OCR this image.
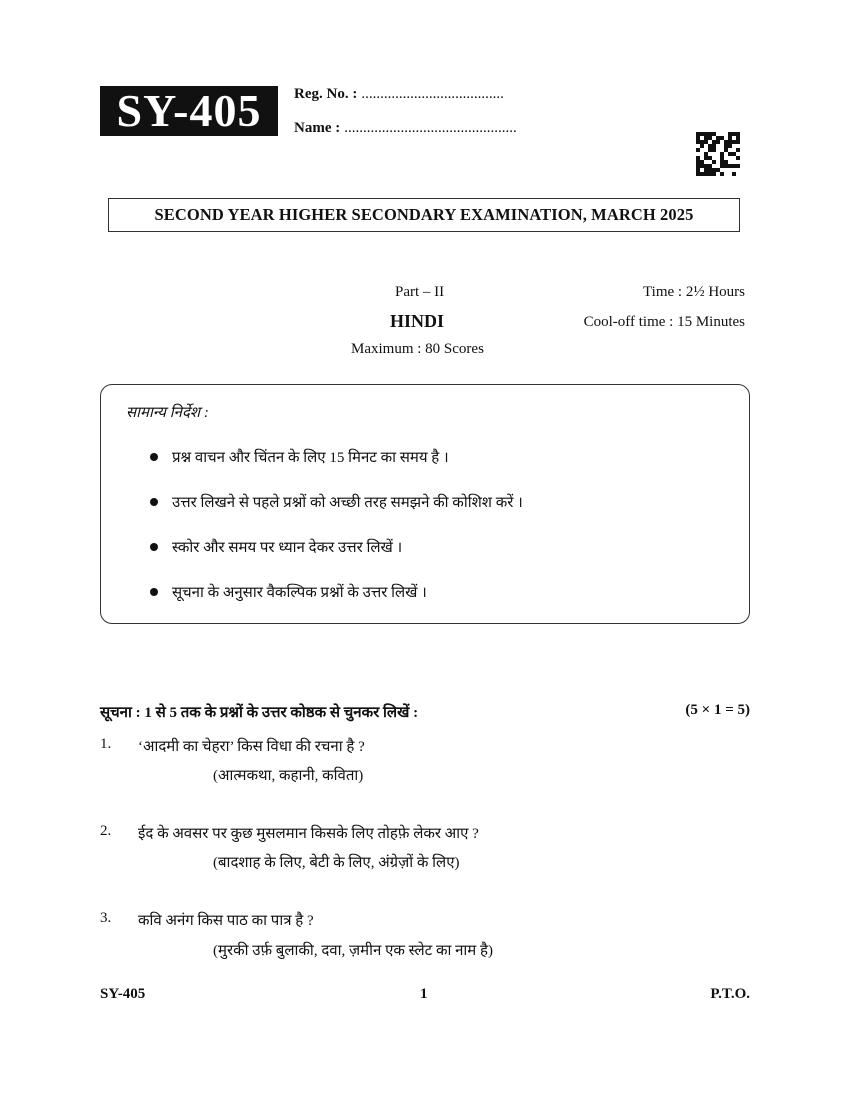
SY-405	Reg. No. : ......................................
Name : ..............................................
SECOND YEAR HIGHER SECONDARY EXAMINATION, MARCH 2025
Part – II
HINDI
Maximum : 80 Scores
Time : 2½ Hours
Cool-off time : 15 Minutes
सामान्य निर्देश :
प्रश्न वाचन और चिंतन के लिए 15 मिनट का समय है ।
उत्तर लिखने से पहले प्रश्नों को अच्छी तरह समझने की कोशिश करें ।
स्कोर और समय पर ध्यान देकर उत्तर लिखें ।
सूचना के अनुसार वैकल्पिक प्रश्नों के उत्तर लिखें ।
सूचना : 1 से 5 तक के प्रश्नों के उत्तर कोष्ठक से चुनकर लिखें :	(5 × 1 = 5)
1. ‘आदमी का चेहरा’ किस विधा की रचना है ?
(आत्मकथा, कहानी, कविता)
2. ईद के अवसर पर कुछ मुसलमान किसके लिए तोहफ़े लेकर आए ?
(बादशाह के लिए, बेटी के लिए, अंग्रेज़ों के लिए)
3. कवि अनंग किस पाठ का पात्र है ?
(मुरकी उर्फ़ बुलाकी, दवा, ज़मीन एक स्लेट का नाम है)
SY-405	1	P.T.O.
